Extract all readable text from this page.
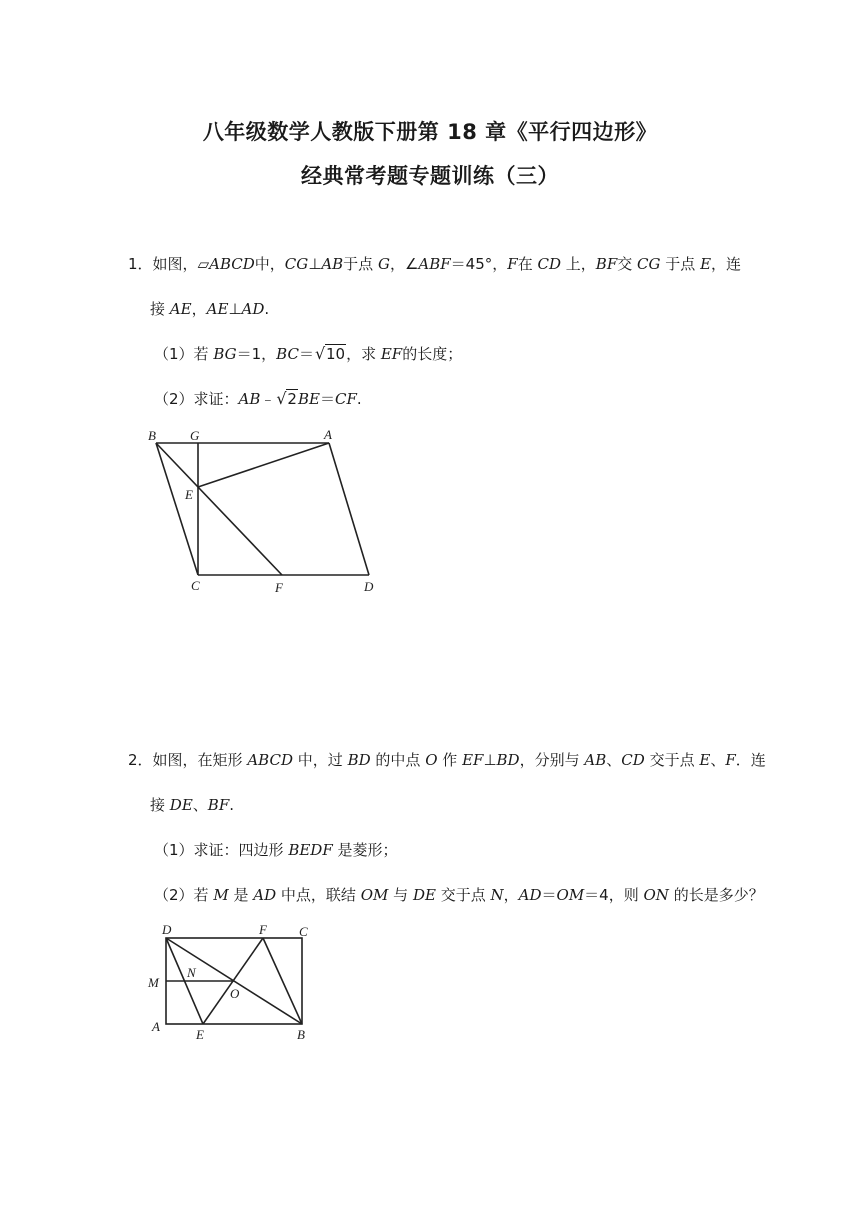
八年级数学人教版下册第 18 章《平行四边形》
经典常考题专题训练（三）
1．如图，▱ABCD中，CG⊥AB于点 G，∠ABF＝45°，F在 CD 上，BF交 CG 于点 E，连
接 AE，AE⊥AD.
（1）若 BG＝1，BC＝ √ 10，求 EF的长度；
（2）求证：AB﹣ √ 2BE＝CF.
B	G	A
E
C	F	D
2．如图，在矩形 ABCD 中，过 BD 的中点 O 作 EF⊥BD，分别与 AB、CD 交于点 E、F．连
接 DE、BF.
（1）求证：四边形 BEDF 是菱形；
（2）若 M 是 AD 中点，联结 OM 与 DE 交于点 N，AD＝OM＝4，则 ON 的长是多少？
D	F C
M
N
O
A
E	B
